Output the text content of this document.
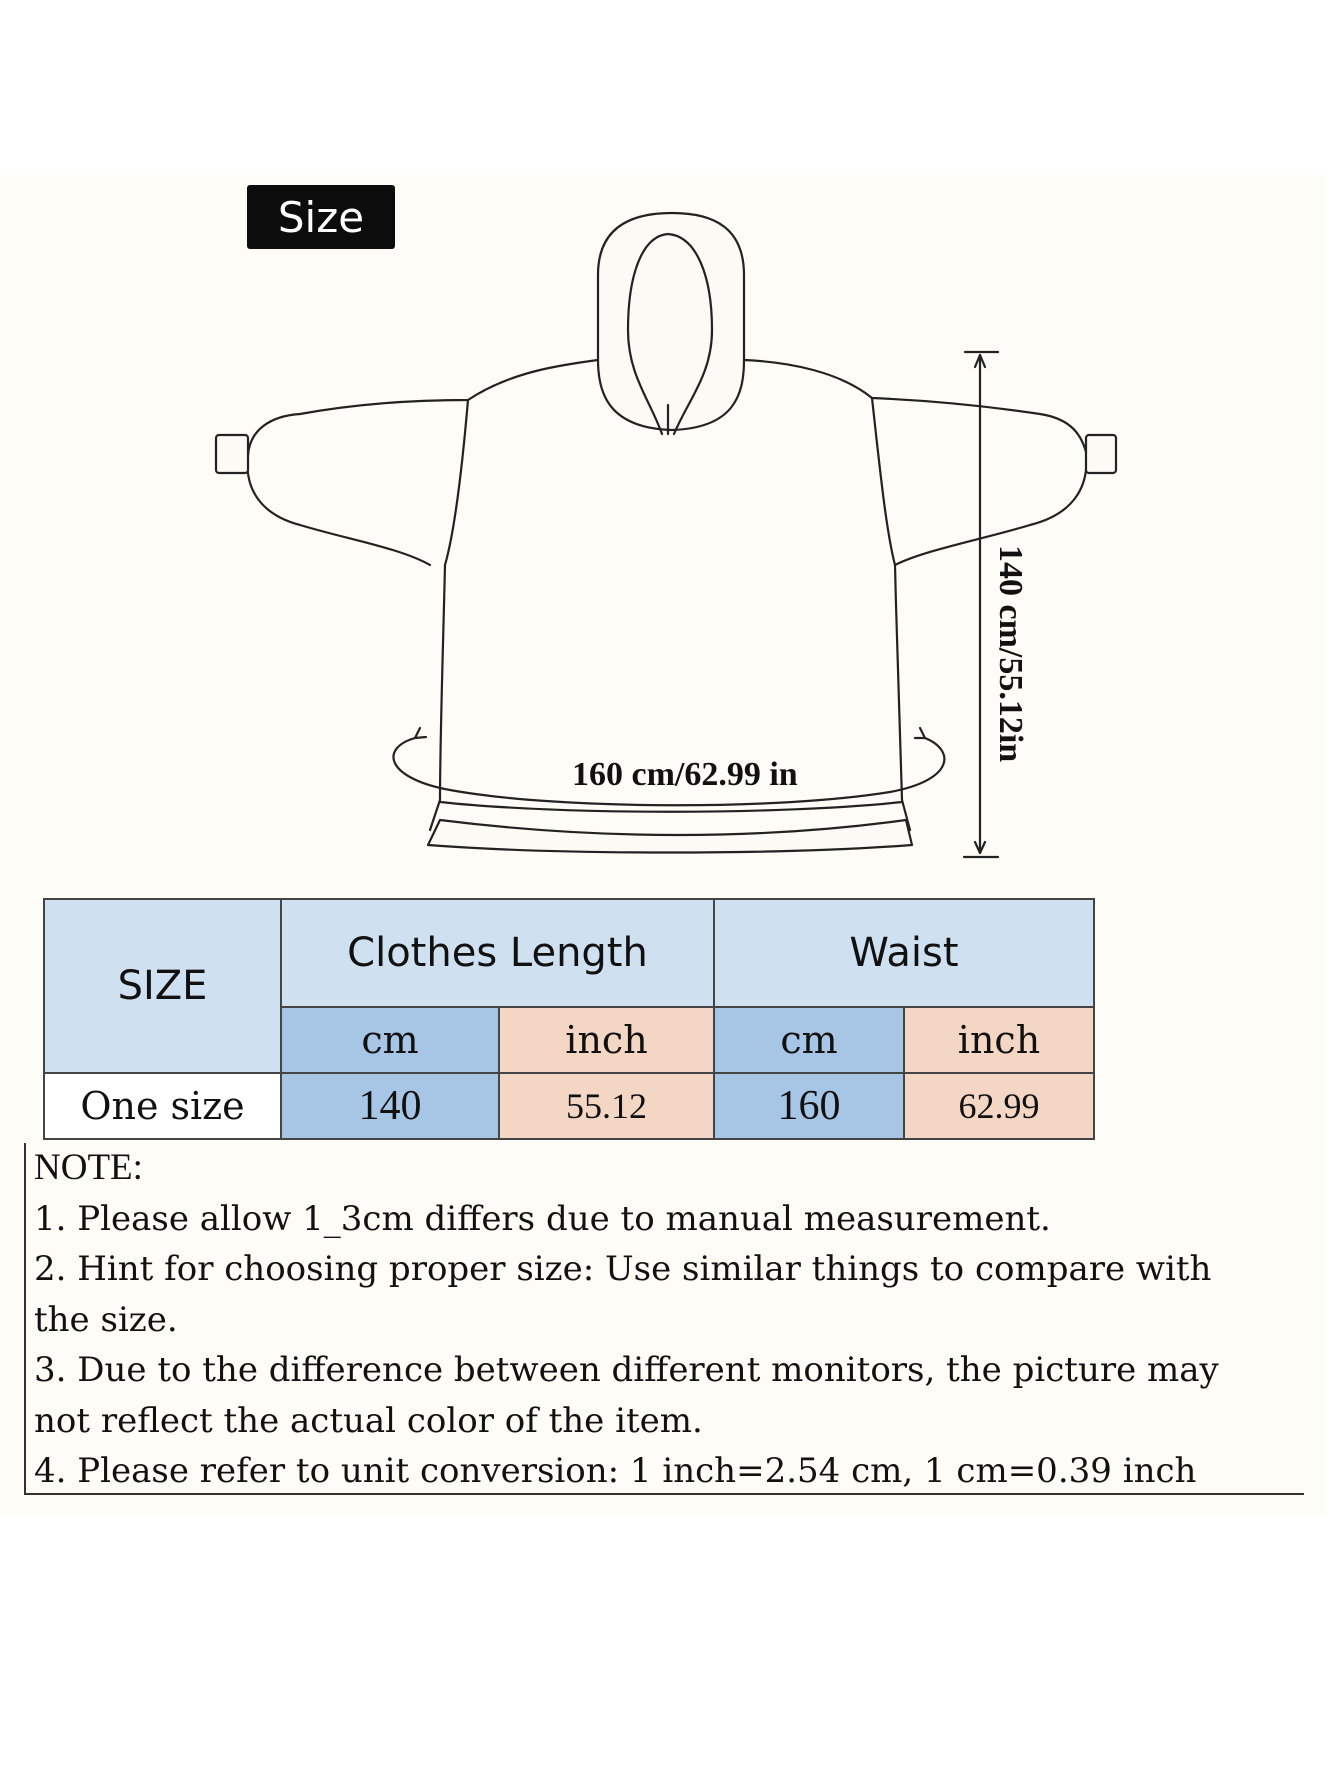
Size
160 cm/62.99 in
140 cm/55.12in
SIZE	Clothes Length		Waist	
	cm	inch	cm	inch
One size	140	55.12	160	62.99
NOTE:
1. Please allow 1_3cm differs due to manual measurement.
2. Hint for choosing proper size: Use similar things to compare with
the size.
3. Due to the difference between different monitors, the picture may
not reflect the actual color of the item.
4. Please refer to unit conversion: 1 inch=2.54 cm, 1 cm=0.39 inch
